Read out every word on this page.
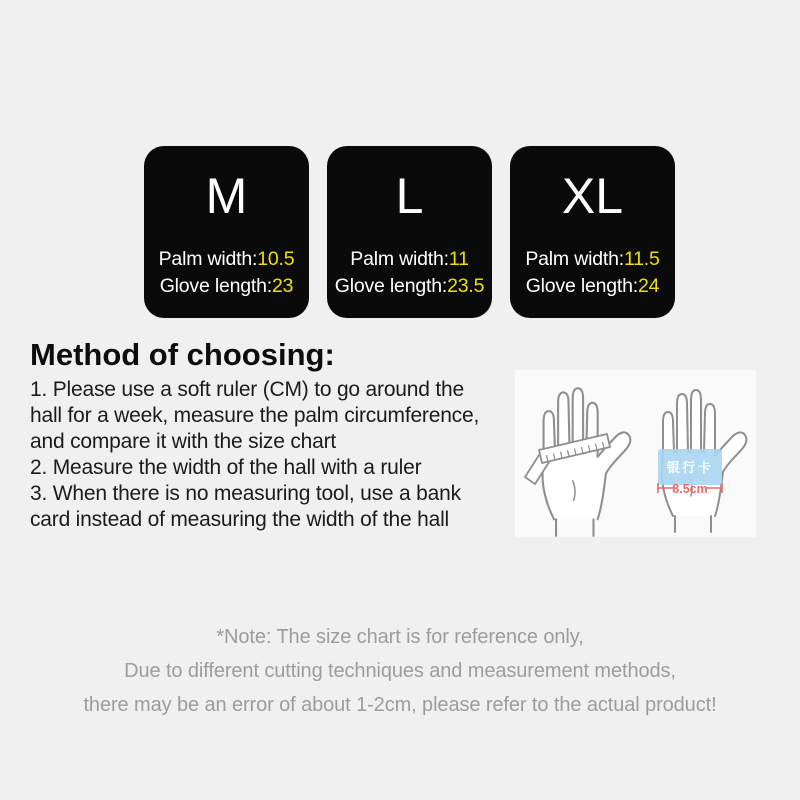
M
Palm width:10.5
Glove length:23
L
Palm width:11
Glove length:23.5
XL
Palm width:11.5
Glove length:24
Method of choosing:
1. Please use a soft ruler (CM) to go around the
hall for a week, measure the palm circumference,
and compare it with the size chart
2. Measure the width of the hall with a ruler
3. When there is no measuring tool, use a bank
card instead of measuring the width of the hall
银行卡
8.5cm
*Note: The size chart is for reference only,
Due to different cutting techniques and measurement methods,
there may be an error of about 1-2cm, please refer to the actual product!
